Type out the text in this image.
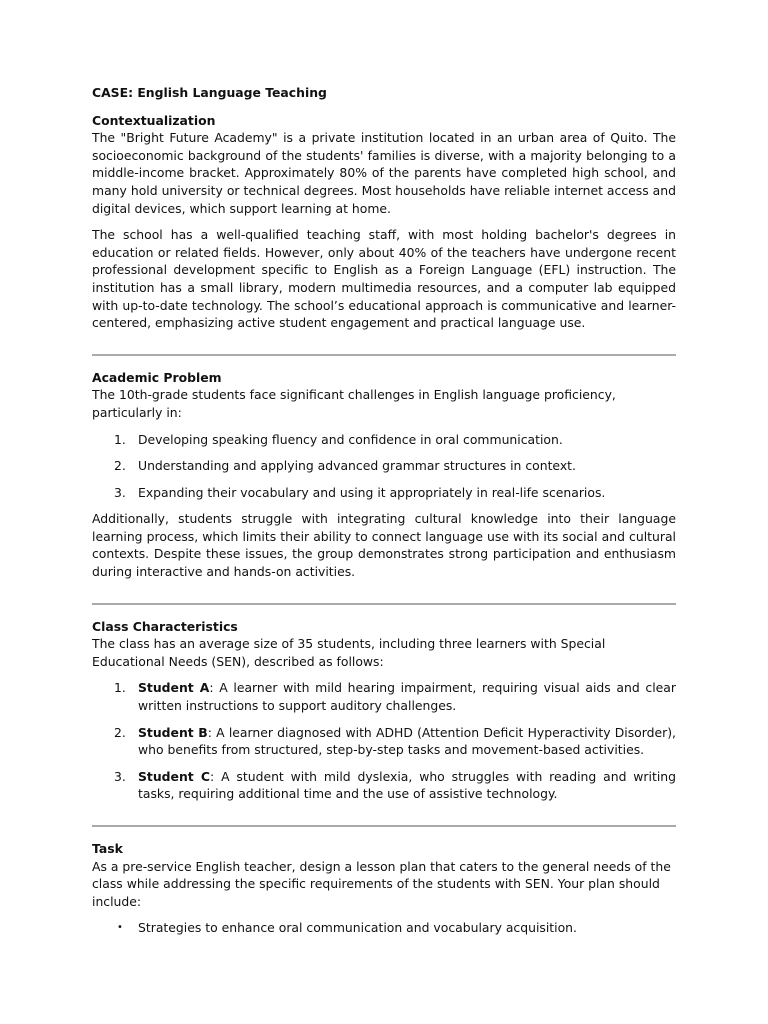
CASE: English Language Teaching
Contextualization

The "Bright Future Academy" is a private institution located in an urban area of Quito. The socioeconomic background of the students' families is diverse, with a majority belonging to a middle-income bracket. Approximately 80% of the parents have completed high school, and many hold university or technical degrees. Most households have reliable internet access and digital devices, which support learning at home.

The school has a well-qualified teaching staff, with most holding bachelor's degrees in education or related fields. However, only about 40% of the teachers have undergone recent professional development specific to English as a Foreign Language (EFL) instruction. The institution has a small library, modern multimedia resources, and a computer lab equipped with up-to-date technology. The school’s educational approach is communicative and learner-centered, emphasizing active student engagement and practical language use.

Academic Problem

The 10th-grade students face significant challenges in English language proficiency, particularly in:

1. Developing speaking fluency and confidence in oral communication.
2. Understanding and applying advanced grammar structures in context.
3. Expanding their vocabulary and using it appropriately in real-life scenarios.

Additionally, students struggle with integrating cultural knowledge into their language learning process, which limits their ability to connect language use with its social and cultural contexts. Despite these issues, the group demonstrates strong participation and enthusiasm during interactive and hands-on activities.

Class Characteristics

The class has an average size of 35 students, including three learners with Special Educational Needs (SEN), described as follows:

1. Student A: A learner with mild hearing impairment, requiring visual aids and clear written instructions to support auditory challenges.
2. Student B: A learner diagnosed with ADHD (Attention Deficit Hyperactivity Disorder), who benefits from structured, step-by-step tasks and movement-based activities.
3. Student C: A student with mild dyslexia, who struggles with reading and writing tasks, requiring additional time and the use of assistive technology.
Task

As a pre-service English teacher, design a lesson plan that caters to the general needs of the class while addressing the specific requirements of the students with SEN. Your plan should include:

• Strategies to enhance oral communication and vocabulary acquisition.
